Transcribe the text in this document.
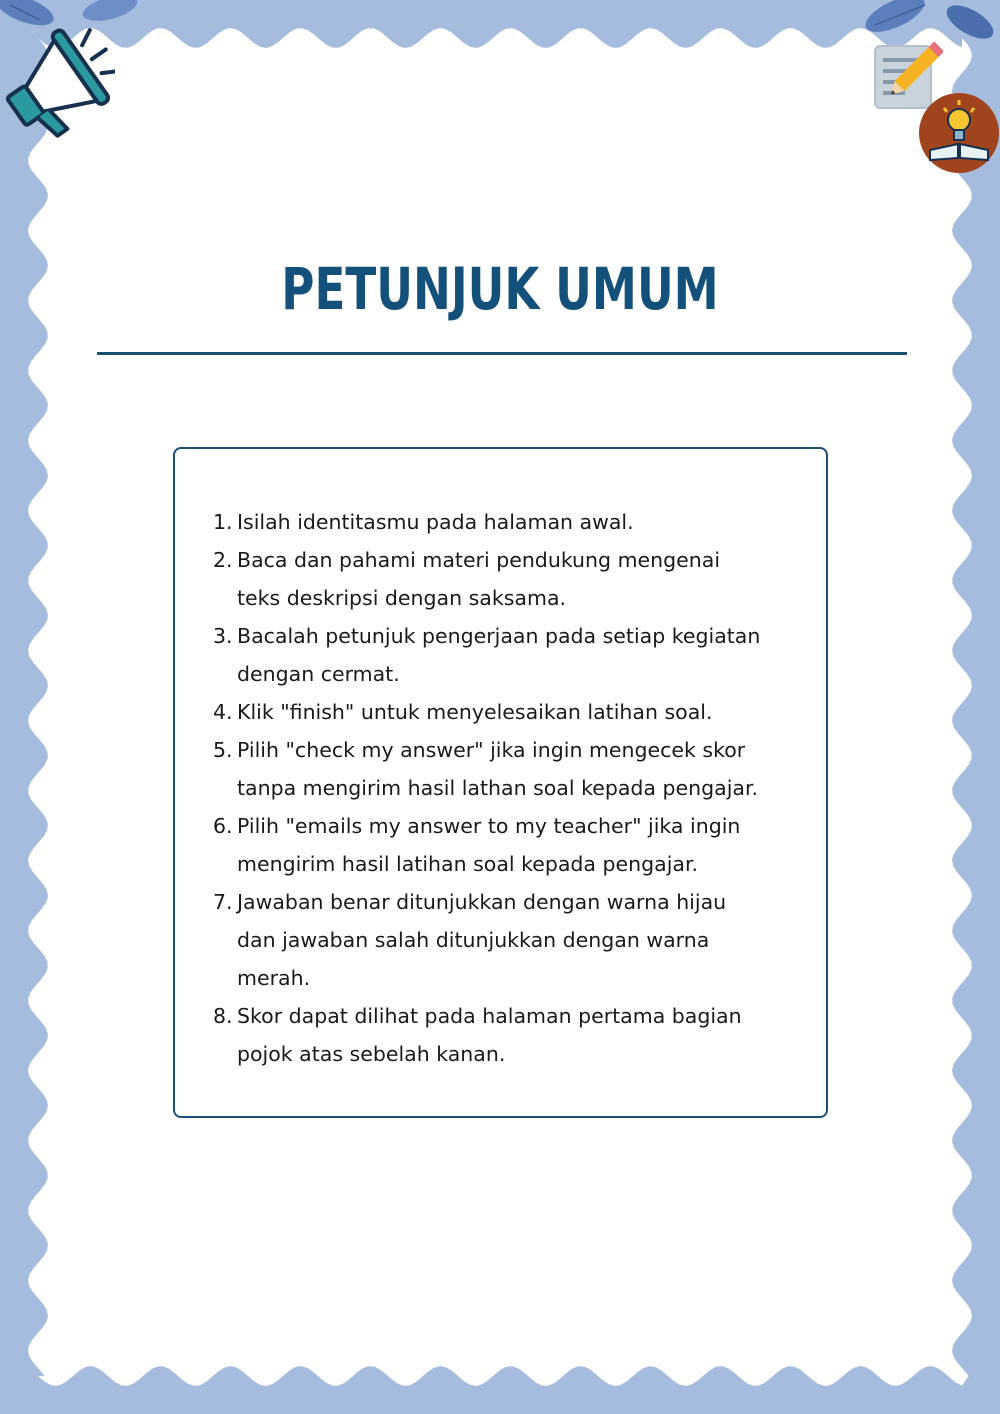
PETUNJUK UMUM
1. Isilah identitasmu pada halaman awal.
2. Baca dan pahami materi pendukung mengenai
teks deskripsi dengan saksama.
3. Bacalah petunjuk pengerjaan pada setiap kegiatan
dengan cermat.
4. Klik "finish" untuk menyelesaikan latihan soal.
5. Pilih "check my answer" jika ingin mengecek skor
tanpa mengirim hasil lathan soal kepada pengajar.
6. Pilih "emails my answer to my teacher" jika ingin
mengirim hasil latihan soal kepada pengajar.
7. Jawaban benar ditunjukkan dengan warna hijau
dan jawaban salah ditunjukkan dengan warna
merah.
8. Skor dapat dilihat pada halaman pertama bagian
pojok atas sebelah kanan.
